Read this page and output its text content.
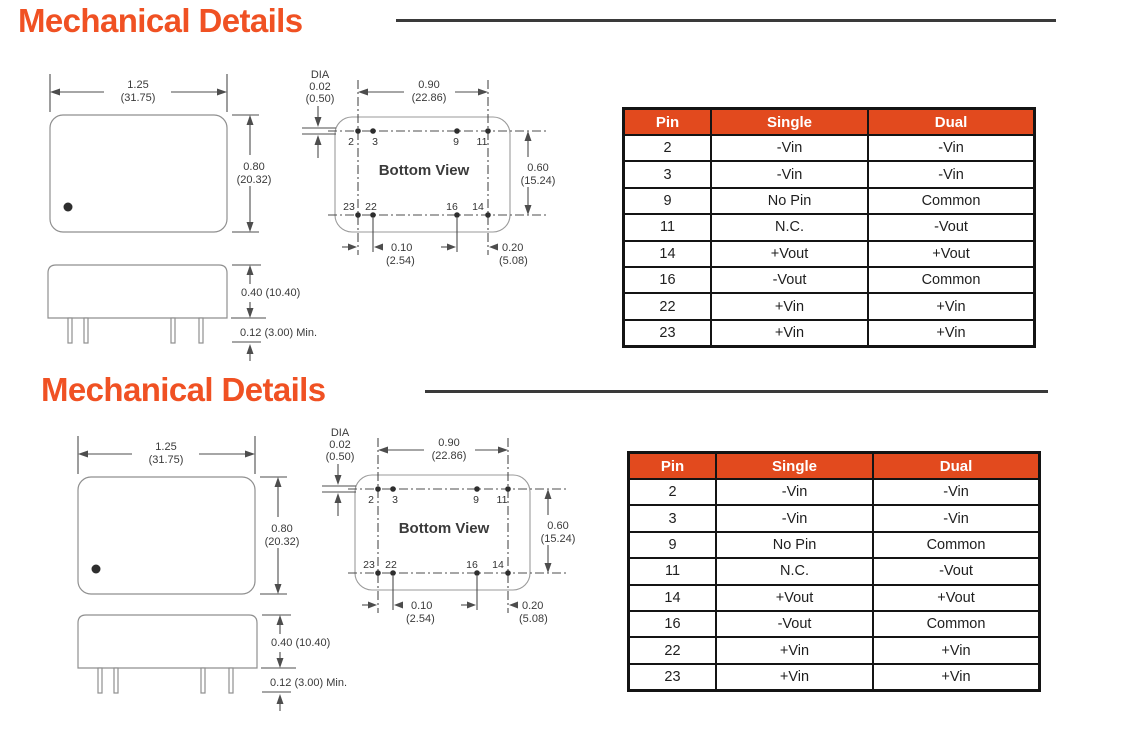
Mechanical Details
1.25
(31.75)
0.80
(20.32)
0.40 (10.40)
0.12 (3.00) Min.
0.90
(22.86)
DIA
0.02
(0.50)
0.60
(15.24)
2 3	9 11
23 22	16 14
Bottom View
0.10
(2.54)
0.20
(5.08)
Pin	Single	Dual
2	-Vin	-Vin
3	-Vin	-Vin
9	No Pin	Common
11	N.C.	-Vout
14	+Vout	+Vout
16	-Vout	Common
22	+Vin	+Vin
23	+Vin	+Vin
Mechanical Details
1.25
(31.75)
0.80
(20.32)
0.40 (10.40)
0.12 (3.00) Min.
0.90
(22.86)
DIA
0.02
(0.50)
0.60
(15.24)
2 3	9 11
23 22	16 14
Bottom View
0.10
(2.54)
0.20
(5.08)
Pin	Single	Dual
2	-Vin	-Vin
3	-Vin	-Vin
9	No Pin	Common
11	N.C.	-Vout
14	+Vout	+Vout
16	-Vout	Common
22	+Vin	+Vin
23	+Vin	+Vin
